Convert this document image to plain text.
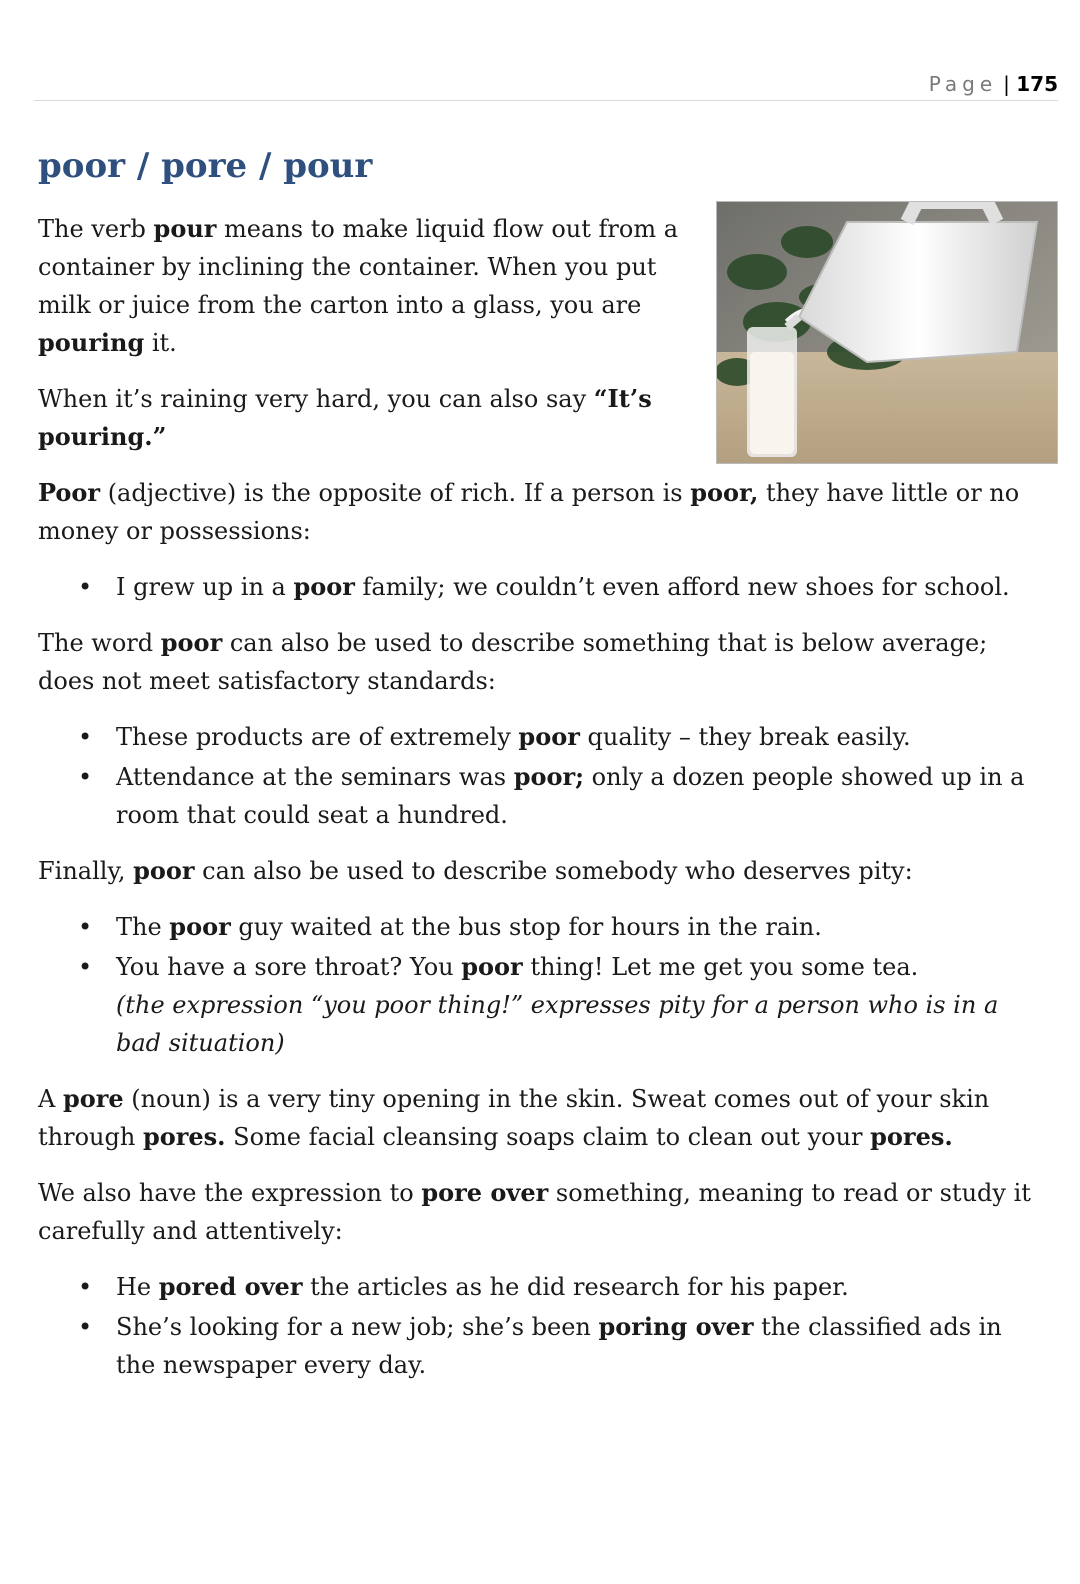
Page | 175
poor / pore / pour

The verb pour means to make liquid flow out from a container by inclining the container. When you put milk or juice from the carton into a glass, you are pouring it.

When it’s raining very hard, you can also say “It’s pouring.”

Poor (adjective) is the opposite of rich. If a person is poor, they have little or no money or possessions:

• I grew up in a poor family; we couldn’t even afford new shoes for school.

The word poor can also be used to describe something that is below average; does not meet satisfactory standards:

• These products are of extremely poor quality – they break easily.
• Attendance at the seminars was poor; only a dozen people showed up in a room that could seat a hundred.

Finally, poor can also be used to describe somebody who deserves pity:

• The poor guy waited at the bus stop for hours in the rain.
• You have a sore throat? You poor thing! Let me get you some tea.
(the expression “you poor thing!” expresses pity for a person who is in a bad situation)

A pore (noun) is a very tiny opening in the skin. Sweat comes out of your skin through pores. Some facial cleansing soaps claim to clean out your pores.

We also have the expression to pore over something, meaning to read or study it carefully and attentively:

• He pored over the articles as he did research for his paper.
• She’s looking for a new job; she’s been poring over the classified ads in the newspaper every day.
